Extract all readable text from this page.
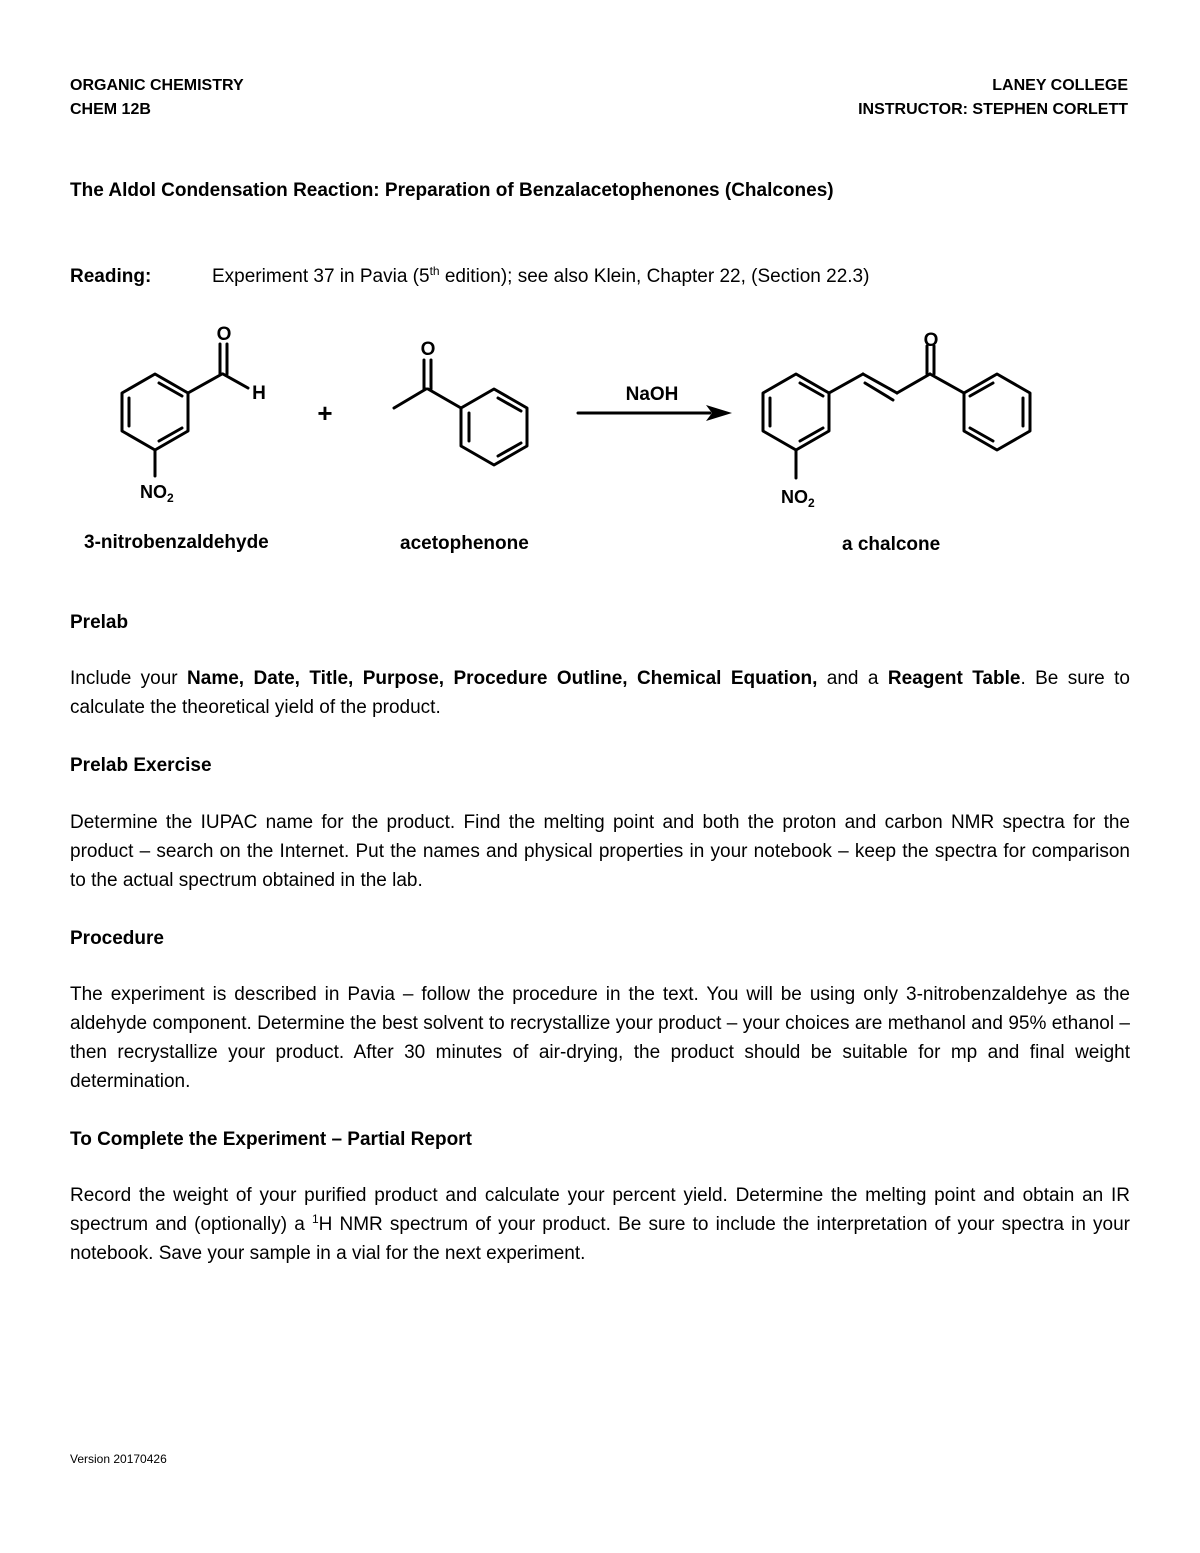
ORGANIC CHEMISTRY
CHEM 12B
LANEY COLLEGE
INSTRUCTOR: STEPHEN CORLETT
The Aldol Condensation Reaction: Preparation of Benzalacetophenones (Chalcones)
Reading:	Experiment 37 in Pavia (5th edition); see also Klein, Chapter 22, (Section 22.3)
O
H
$NO_2$
+
O
NaOH
O
$NO_2$
3-nitrobenzaldehyde	acetophenone	a chalcone
Prelab
Include your Name, Date, Title, Purpose, Procedure Outline, Chemical Equation, and a Reagent Table. Be sure to calculate the theoretical yield of the product.
Prelab Exercise
Determine the IUPAC name for the product. Find the melting point and both the proton and carbon NMR spectra for the product – search on the Internet. Put the names and physical properties in your notebook – keep the spectra for comparison to the actual spectrum obtained in the lab.
Procedure
The experiment is described in Pavia – follow the procedure in the text. You will be using only 3-nitrobenzaldehye as the aldehyde component. Determine the best solvent to recrystallize your product – your choices are methanol and 95% ethanol – then recrystallize your product. After 30 minutes of air-drying, the product should be suitable for mp and final weight determination.
To Complete the Experiment – Partial Report
Record the weight of your purified product and calculate your percent yield. Determine the melting point and obtain an IR spectrum and (optionally) a $^1$H NMR spectrum of your product. Be sure to include the interpretation of your spectra in your notebook. Save your sample in a vial for the next experiment.
Version 20170426
